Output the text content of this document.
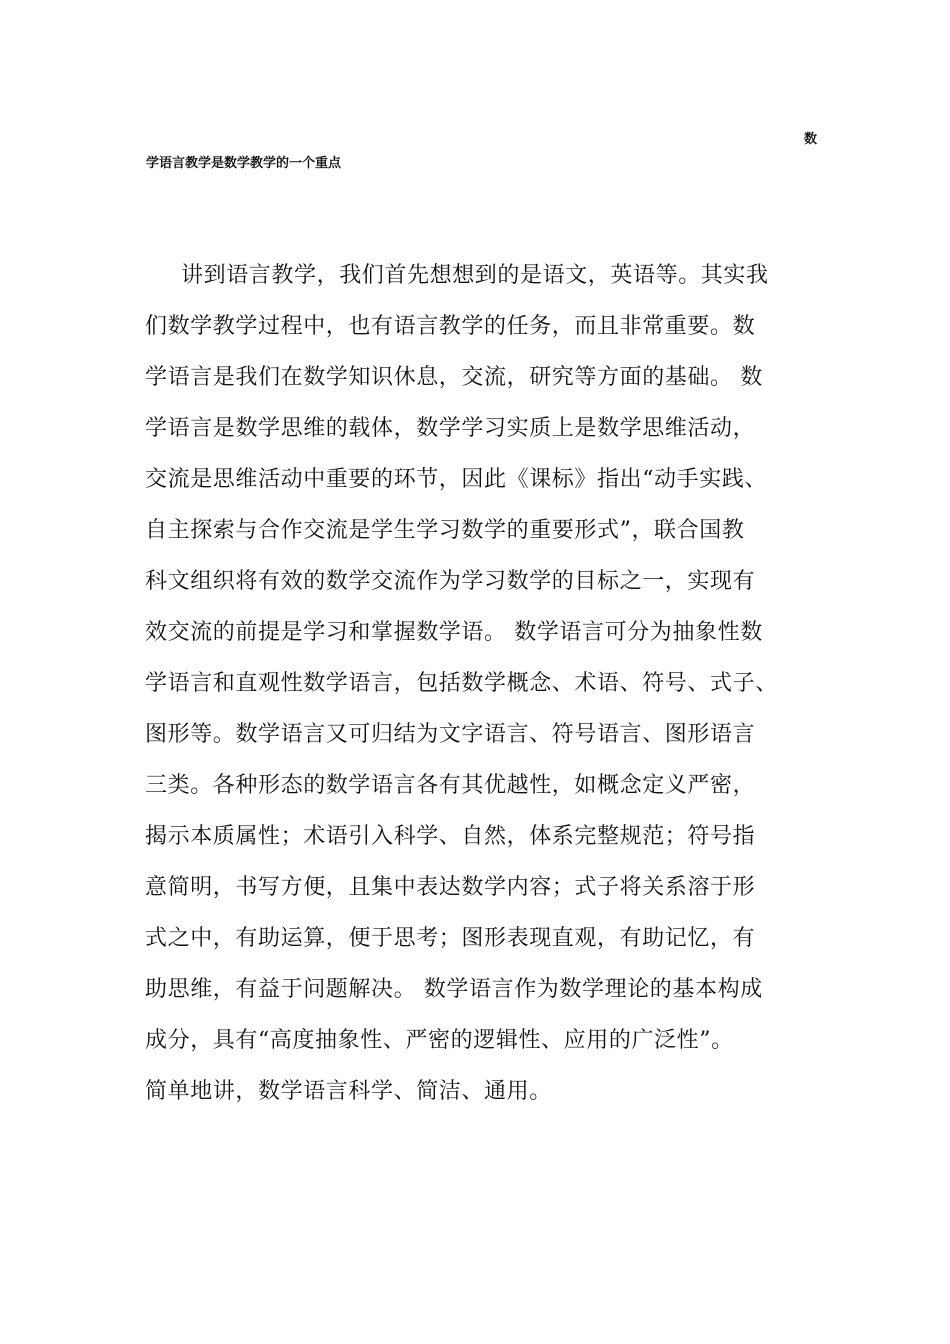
数
学语言教学是数学教学的一个重点
讲到语言教学，我们首先想想到的是语文，英语等。其实我
们数学教学过程中，也有语言教学的任务，而且非常重要。数
学语言是我们在数学知识休息，交流，研究等方面的基础。 数
学语言是数学思维的载体，数学学习实质上是数学思维活动，
交流是思维活动中重要的环节，因此《课标》指出“动手实践、
自主探索与合作交流是学生学习数学的重要形式”，联合国教
科文组织将有效的数学交流作为学习数学的目标之一，实现有
效交流的前提是学习和掌握数学语。 数学语言可分为抽象性数
学语言和直观性数学语言，包括数学概念、术语、符号、式子、
图形等。数学语言又可归结为文字语言、符号语言、图形语言
三类。各种形态的数学语言各有其优越性，如概念定义严密，
揭示本质属性；术语引入科学、自然，体系完整规范；符号指
意简明，书写方便，且集中表达数学内容；式子将关系溶于形
式之中，有助运算，便于思考；图形表现直观，有助记忆，有
助思维，有益于问题解决。 数学语言作为数学理论的基本构成
成分，具有“高度抽象性、严密的逻辑性、应用的广泛性”。
简单地讲，数学语言科学、简洁、通用。
